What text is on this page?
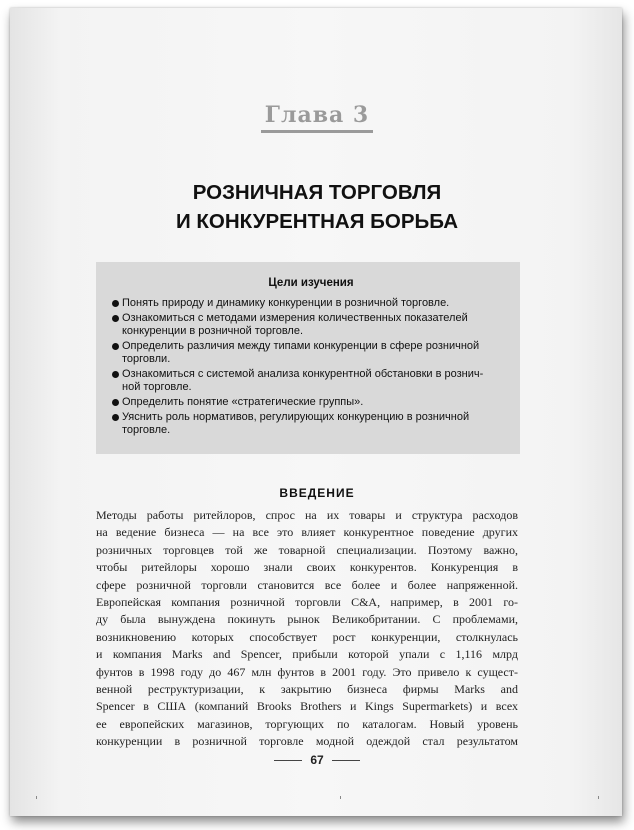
Глава 3
РОЗНИЧНАЯ ТОРГОВЛЯ
И КОНКУРЕНТНАЯ БОРЬБА
Цели изучения
Понять природу и динамику конкуренции в розничной торговле.
Ознакомиться с методами измерения количественных показателей
конкуренции в розничной торговле.
Определить различия между типами конкуренции в сфере розничной
торговли.
Ознакомиться с системой анализа конкурентной обстановки в рознич-
ной торговле.
Определить понятие «стратегические группы».
Уяснить роль нормативов, регулирующих конкуренцию в розничной
торговле.
ВВЕДЕНИЕ
Методы работы ритейлоров, спрос на их товары и структура расходов
на ведение бизнеса — на все это влияет конкурентное поведение других
розничных торговцев той же товарной специализации. Поэтому важно,
чтобы ритейлоры хорошо знали своих конкурентов. Конкуренция в
сфере розничной торговли становится все более и более напряженной.
Европейская компания розничной торговли C&A, например, в 2001 го-
ду была вынуждена покинуть рынок Великобритании. С проблемами,
возникновению которых способствует рост конкуренции, столкнулась
и компания Marks and Spencer, прибыли которой упали с 1,116 млрд
фунтов в 1998 году до 467 млн фунтов в 2001 году. Это привело к сущест-
венной реструктуризации, к закрытию бизнеса фирмы Marks and
Spencer в США (компаний Brooks Brothers и Kings Supermarkets) и всех
ее европейских магазинов, торгующих по каталогам. Новый уровень
конкуренции в розничной торговле модной одеждой стал результатом
67
